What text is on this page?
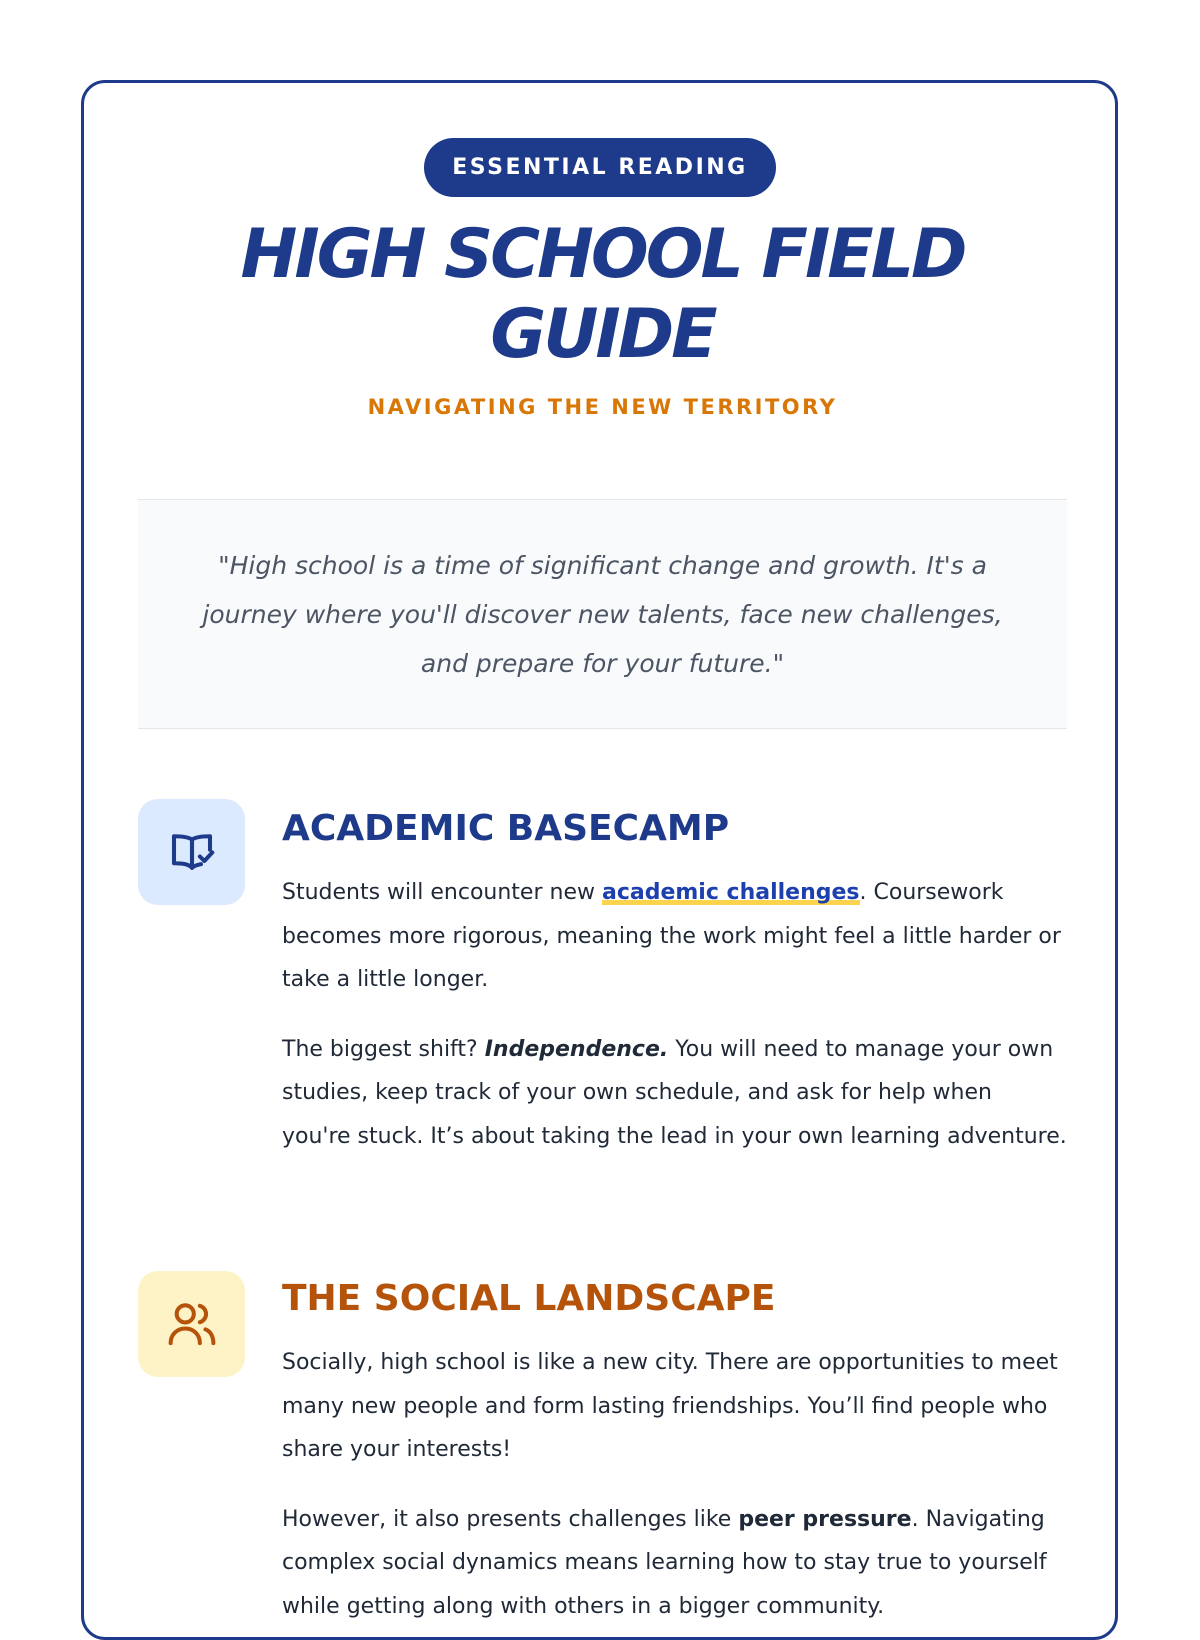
ESSENTIAL READING
HIGH SCHOOL FIELD GUIDE
NAVIGATING THE NEW TERRITORY

"High school is a time of significant change and growth. It's a journey where you'll discover new talents, face new challenges, and prepare for your future."

ACADEMIC BASECAMP

Students will encounter new academic challenges. Coursework becomes more rigorous, meaning the work might feel a little harder or take a little longer.

The biggest shift? Independence. You will need to manage your own studies, keep track of your own schedule, and ask for help when you're stuck. It’s about taking the lead in your own learning adventure.

THE SOCIAL LANDSCAPE

Socially, high school is like a new city. There are opportunities to meet many new people and form lasting friendships. You’ll find people who share your interests!

However, it also presents challenges like peer pressure. Navigating complex social dynamics means learning how to stay true to yourself while getting along with others in a bigger community.
